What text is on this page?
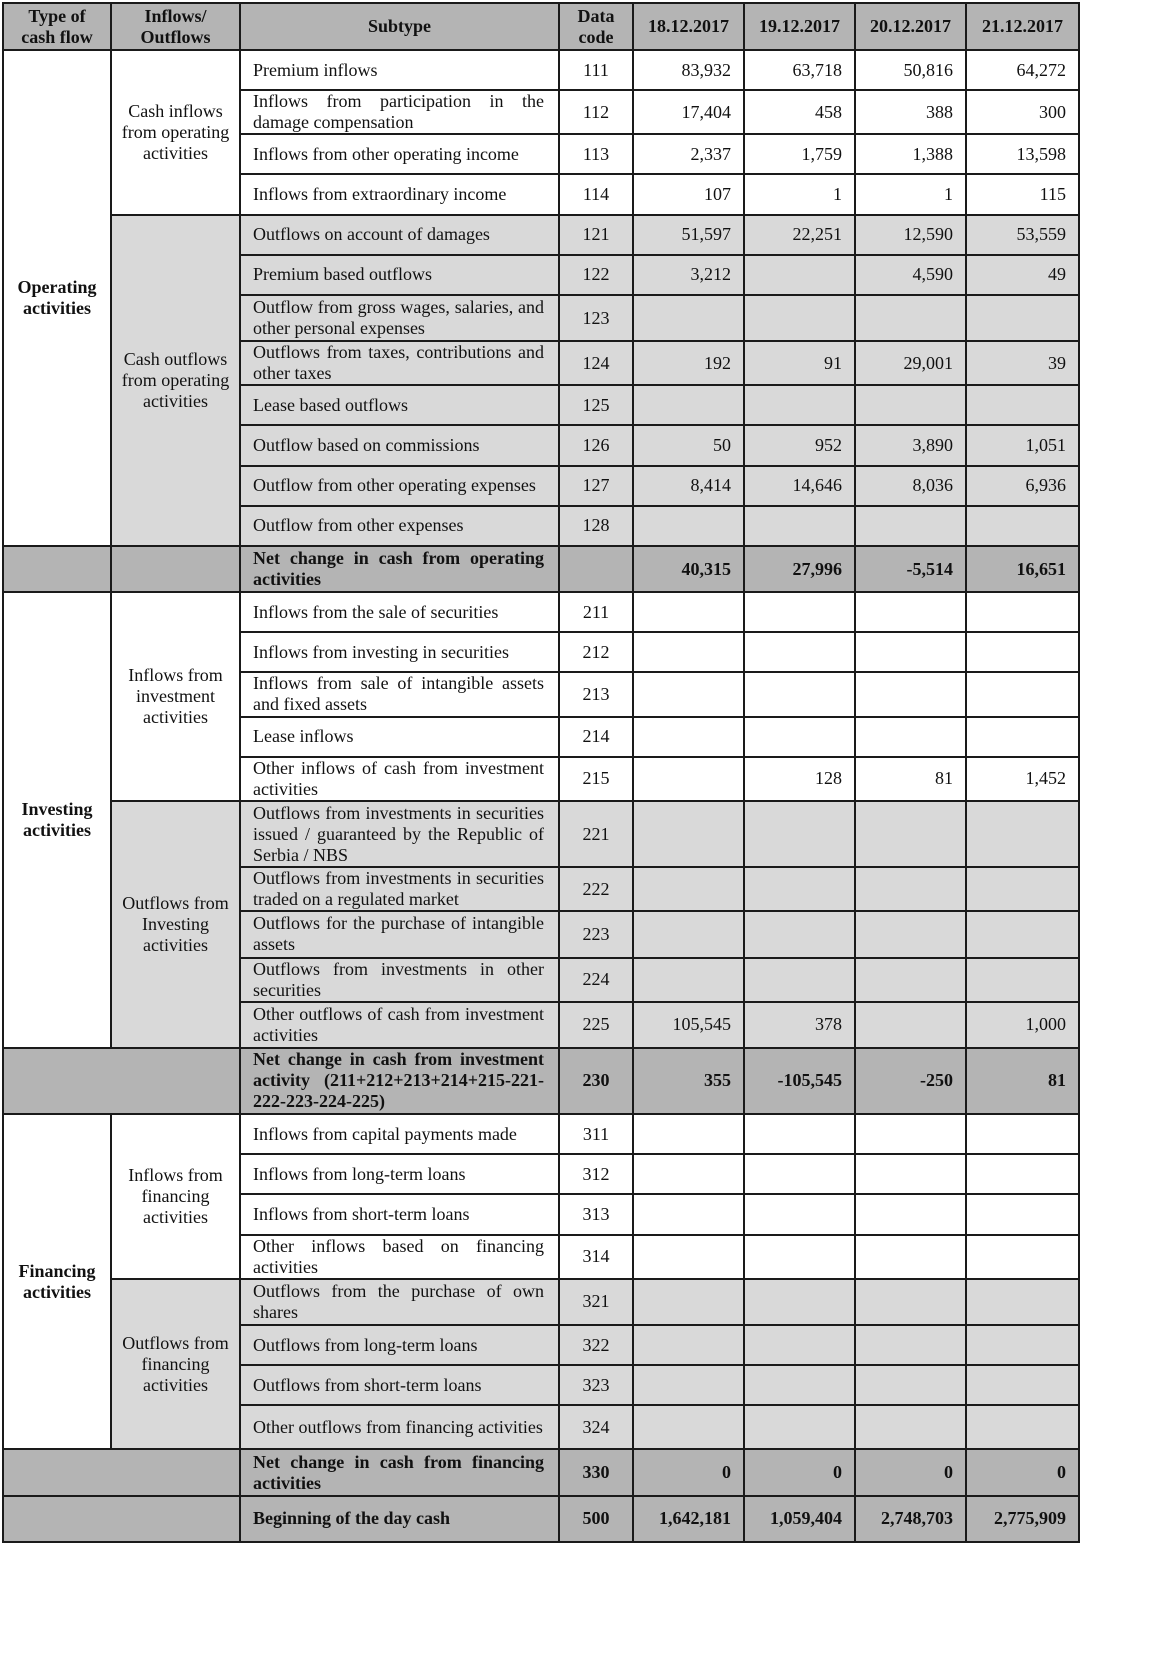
Type of cash flow	Inflows/ Outflows	Subtype	Data code	18.12.2017	19.12.2017	20.12.2017	21.12.2017
Operating activities	Cash inflows from operating activities	Premium inflows	111	83,932	63,718	50,816	64,272
		Inflows from participation in the damage compensation	112	17,404	458	388	300
		Inflows from other operating income	113	2,337	1,759	1,388	13,598
		Inflows from extraordinary income	114	107	1	1	115
	Cash outflows from operating activities	Outflows on account of damages	121	51,597	22,251	12,590	53,559
		Premium based outflows	122	3,212		4,590	49
		Outflow from gross wages, salaries, and other personal expenses	123				
		Outflows from taxes, contributions and other taxes	124	192	91	29,001	39
		Lease based outflows	125				
		Outflow based on commissions	126	50	952	3,890	1,051
		Outflow from other operating expenses	127	8,414	14,646	8,036	6,936
		Outflow from other expenses	128				
		Net change in cash from operating activities		40,315	27,996	-5,514	16,651
Investing activities	Inflows from investment activities	Inflows from the sale of securities	211				
		Inflows from investing in securities	212				
		Inflows from sale of intangible assets and fixed assets	213				
		Lease inflows	214				
		Other inflows of cash from investment activities	215		128	81	1,452
	Outflows from Investing activities	Outflows from investments in securities issued / guaranteed by the Republic of Serbia / NBS	221				
		Outflows from investments in securities traded on a regulated market	222				
		Outflows for the purchase of intangible assets	223				
		Outflows from investments in other securities	224				
		Other outflows of cash from investment activities	225	105,545	378		1,000
		Net change in cash from investment activity (211+212+213+214+215-221-222-223-224-225)	230	355	-105,545	-250	81
Financing activities	Inflows from financing activities	Inflows from capital payments made	311				
		Inflows from long-term loans	312				
		Inflows from short-term loans	313				
		Other inflows based on financing activities	314				
	Outflows from financing activities	Outflows from the purchase of own shares	321				
		Outflows from long-term loans	322				
		Outflows from short-term loans	323				
		Other outflows from financing activities	324				
		Net change in cash from financing activities	330	0	0	0	0
		Beginning of the day cash	500	1,642,181	1,059,404	2,748,703	2,775,909
